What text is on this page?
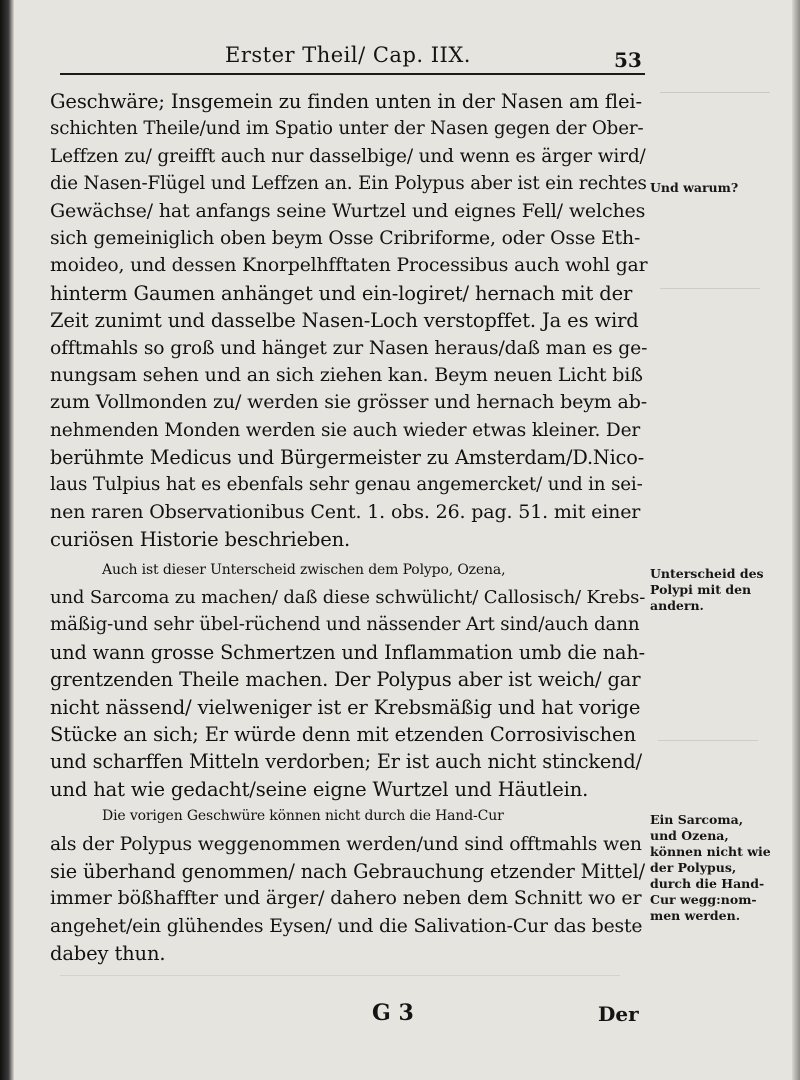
Erster Theil/ Cap. IIX.	53
Geschwäre; Insgemein zu finden unten in der Nasen am flei-
schichten Theile/und im Spatio unter der Nasen gegen der Ober-
Leffzen zu/ greifft auch nur dasselbige/ und wenn es ärger wird/
die Nasen-Flügel und Leffzen an. Ein Polypus aber ist ein rechtes
Gewächse/ hat anfangs seine Wurtzel und eignes Fell/ welches
sich gemeiniglich oben beym Osse Cribriforme, oder Osse Eth-
moideo, und dessen Knorpelhfftaten Processibus auch wohl gar
hinterm Gaumen anhänget und ein-logiret/ hernach mit der
Zeit zunimt und dasselbe Nasen-Loch verstopffet. Ja es wird
offtmahls so groß und hänget zur Nasen heraus/daß man es ge-
nungsam sehen und an sich ziehen kan. Beym neuen Licht biß
zum Vollmonden zu/ werden sie grösser und hernach beym ab-
nehmenden Monden werden sie auch wieder etwas kleiner. Der
berühmte Medicus und Bürgermeister zu Amsterdam/D.Nico-
laus Tulpius hat es ebenfals sehr genau angemercket/ und in sei-
nen raren Observationibus Cent. 1. obs. 26. pag. 51. mit einer
curiösen Historie beschrieben.
Auch ist dieser Unterscheid zwischen dem Polypo, Ozena,
und Sarcoma zu machen/ daß diese schwülicht/ Callosisch/ Krebs-
mäßig-und sehr übel-rüchend und nässender Art sind/auch dann
und wann grosse Schmertzen und Inflammation umb die nah-
grentzenden Theile machen. Der Polypus aber ist weich/ gar
nicht nässend/ vielweniger ist er Krebsmäßig und hat vorige
Stücke an sich; Er würde denn mit etzenden Corrosivischen
und scharffen Mitteln verdorben; Er ist auch nicht stinckend/
und hat wie gedacht/seine eigne Wurtzel und Häutlein.
Die vorigen Geschwüre können nicht durch die Hand-Cur
als der Polypus weggenommen werden/und sind offtmahls wen
sie überhand genommen/ nach Gebrauchung etzender Mittel/
immer bößhaffter und ärger/ dahero neben dem Schnitt wo er
angehet/ein glühendes Eysen/ und die Salivation-Cur das beste
dabey thun.
Und warum?
Unterscheid des
Polypi mit den
andern.
Ein Sarcoma,
und Ozena,
können nicht wie
der Polypus,
durch die Hand-
Cur wegg:nom-
men werden.
G 3	Der
